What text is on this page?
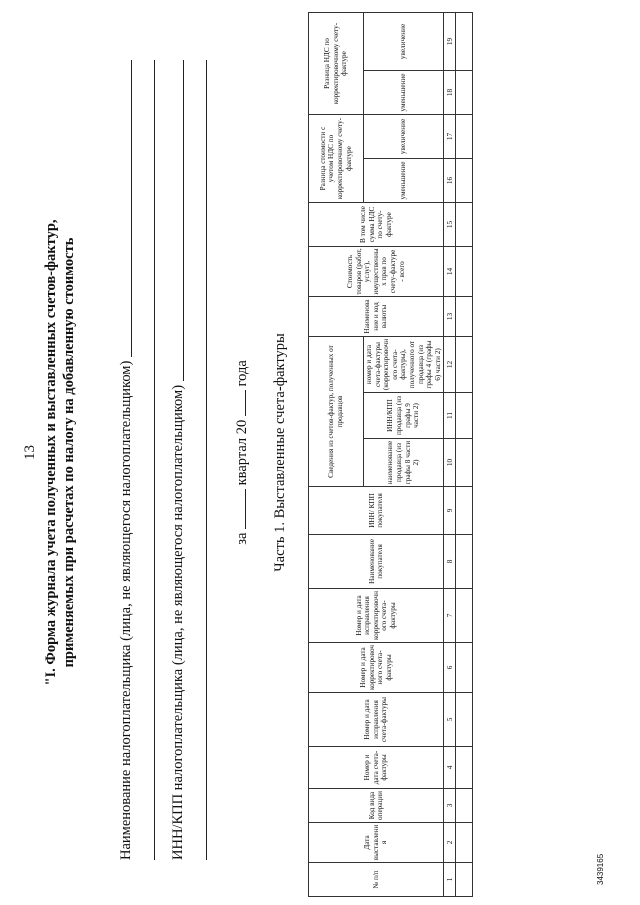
13 "I. Форма журнала учета полученных и выставленных счетов-фактур, применяемых при расчетах по налогу на добавленную стоимость	Наименование налогоплательщика (лица, не являющегося налогоплательщиком) ИНН/КПП налогоплательщика (лица, не являющегося налогоплательщиком)	за  квартал 20  года Часть 1. Выставленные счета-фактуры
№ п/п	Дата выставления	Код вида операции	Номер и дата счета-фактуры	Номер и дата исправления счета-фактуры	Номер и дата корректировочного счета-фактуры	Номер и дата исправления корректировочного счета-фактуры	Наименование покупателя	ИНН/ КПП покупателя	Сведения из счетов-фактур, полученных от продавцов			Наименование и код валюты	Стоимость товаров (работ, услуг), имущественных прав по счету-фактуре - всего	В том числе сумма НДС по счету-фактуре	Разница стоимости с учетом НДС по корректировочному счету-фактуре		Разница НДС по корректировочному счету-фактуре	
									наименование продавца (из графы 8 части 2)	ИНН/КПП продавца (из графы 9 части 2)	номер и дата счета-фактуры (корректировочного счета-фактуры), полученного от продавца (из графы 4 (графы 6) части 2)				уменьшение	увеличение	уменьшение	увеличение
1	2	3	4	5	6	7	8	9	10	11	12	13	14	15	16	17	18	19

3439165
